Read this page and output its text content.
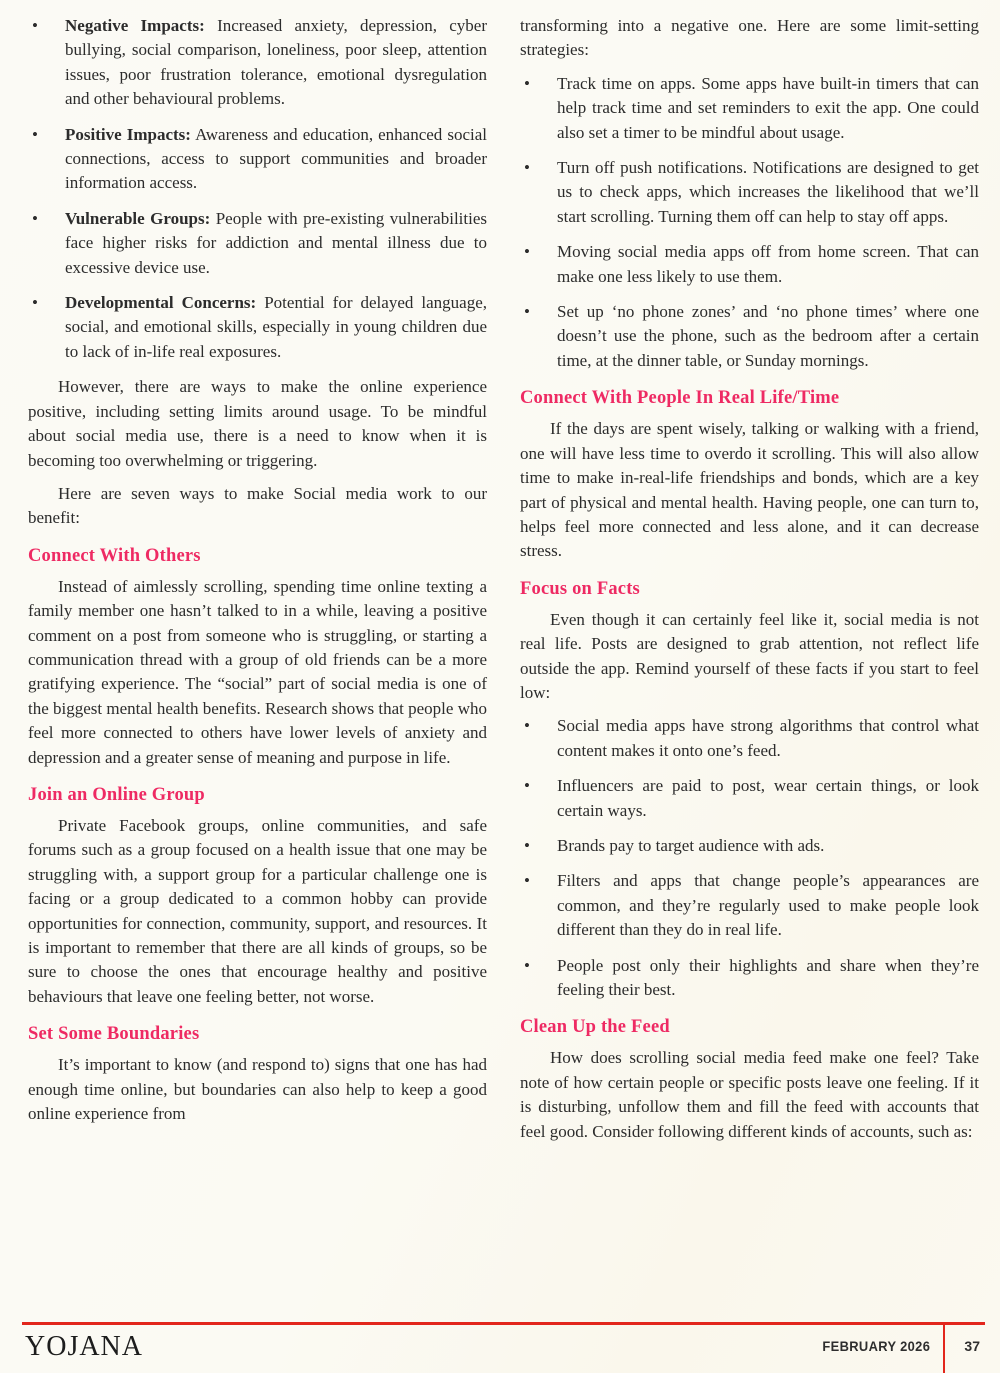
•	Negative Impacts: Increased anxiety, depression, cyber bullying, social comparison, loneliness, poor sleep, attention issues, poor frustration tolerance, emotional dysregulation and other behavioural problems.
•	Positive Impacts: Awareness and education, enhanced social connections, access to support communities and broader information access.
•	Vulnerable Groups: People with pre-existing vulnerabilities face higher risks for addiction and mental illness due to excessive device use.
•	Developmental Concerns: Potential for delayed language, social, and emotional skills, especially in young children due to lack of in-life real exposures.

However, there are ways to make the online experience positive, including setting limits around usage. To be mindful about social media use, there is a need to know when it is becoming too overwhelming or triggering.

Here are seven ways to make Social media work to our benefit:

Connect With Others

Instead of aimlessly scrolling, spending time online texting a family member one hasn’t talked to in a while, leaving a positive comment on a post from someone who is struggling, or starting a communication thread with a group of old friends can be a more gratifying experience. The “social” part of social media is one of the biggest mental health benefits. Research shows that people who feel more connected to others have lower levels of anxiety and depression and a greater sense of meaning and purpose in life.

Join an Online Group

Private Facebook groups, online communities, and safe forums such as a group focused on a health issue that one may be struggling with, a support group for a particular challenge one is facing or a group dedicated to a common hobby can provide opportunities for connection, community, support, and resources. It is important to remember that there are all kinds of groups, so be sure to choose the ones that encourage healthy and positive behaviours that leave one feeling better, not worse.

Set Some Boundaries

It’s important to know (and respond to) signs that one has had enough time online, but boundaries can also help to keep a good online experience from

transforming into a negative one. Here are some limit-setting strategies:

•	Track time on apps. Some apps have built-in timers that can help track time and set reminders to exit the app. One could also set a timer to be mindful about usage.
•	Turn off push notifications. Notifications are designed to get us to check apps, which increases the likelihood that we’ll start scrolling. Turning them off can help to stay off apps.
•	Moving social media apps off from home screen. That can make one less likely to use them.
•	Set up ‘no phone zones’ and ‘no phone times’ where one doesn’t use the phone, such as the bedroom after a certain time, at the dinner table, or Sunday mornings.
Connect With People In Real Life/Time

If the days are spent wisely, talking or walking with a friend, one will have less time to overdo it scrolling. This will also allow time to make in-real-life friendships and bonds, which are a key part of physical and mental health. Having people, one can turn to, helps feel more connected and less alone, and it can decrease stress.

Focus on Facts

Even though it can certainly feel like it, social media is not real life. Posts are designed to grab attention, not reflect life outside the app. Remind yourself of these facts if you start to feel low:

•	Social media apps have strong algorithms that control what content makes it onto one’s feed.
•	Influencers are paid to post, wear certain things, or look certain ways.
•	Brands pay to target audience with ads.
•	Filters and apps that change people’s appearances are common, and they’re regularly used to make people look different than they do in real life.
•	People post only their highlights and share when they’re feeling their best.
Clean Up the Feed

How does scrolling social media feed make one feel? Take note of how certain people or specific posts leave one feeling. If it is disturbing, unfollow them and fill the feed with accounts that feel good. Consider following different kinds of accounts, such as:

YOJANA	FEBRUARY 2026 37
